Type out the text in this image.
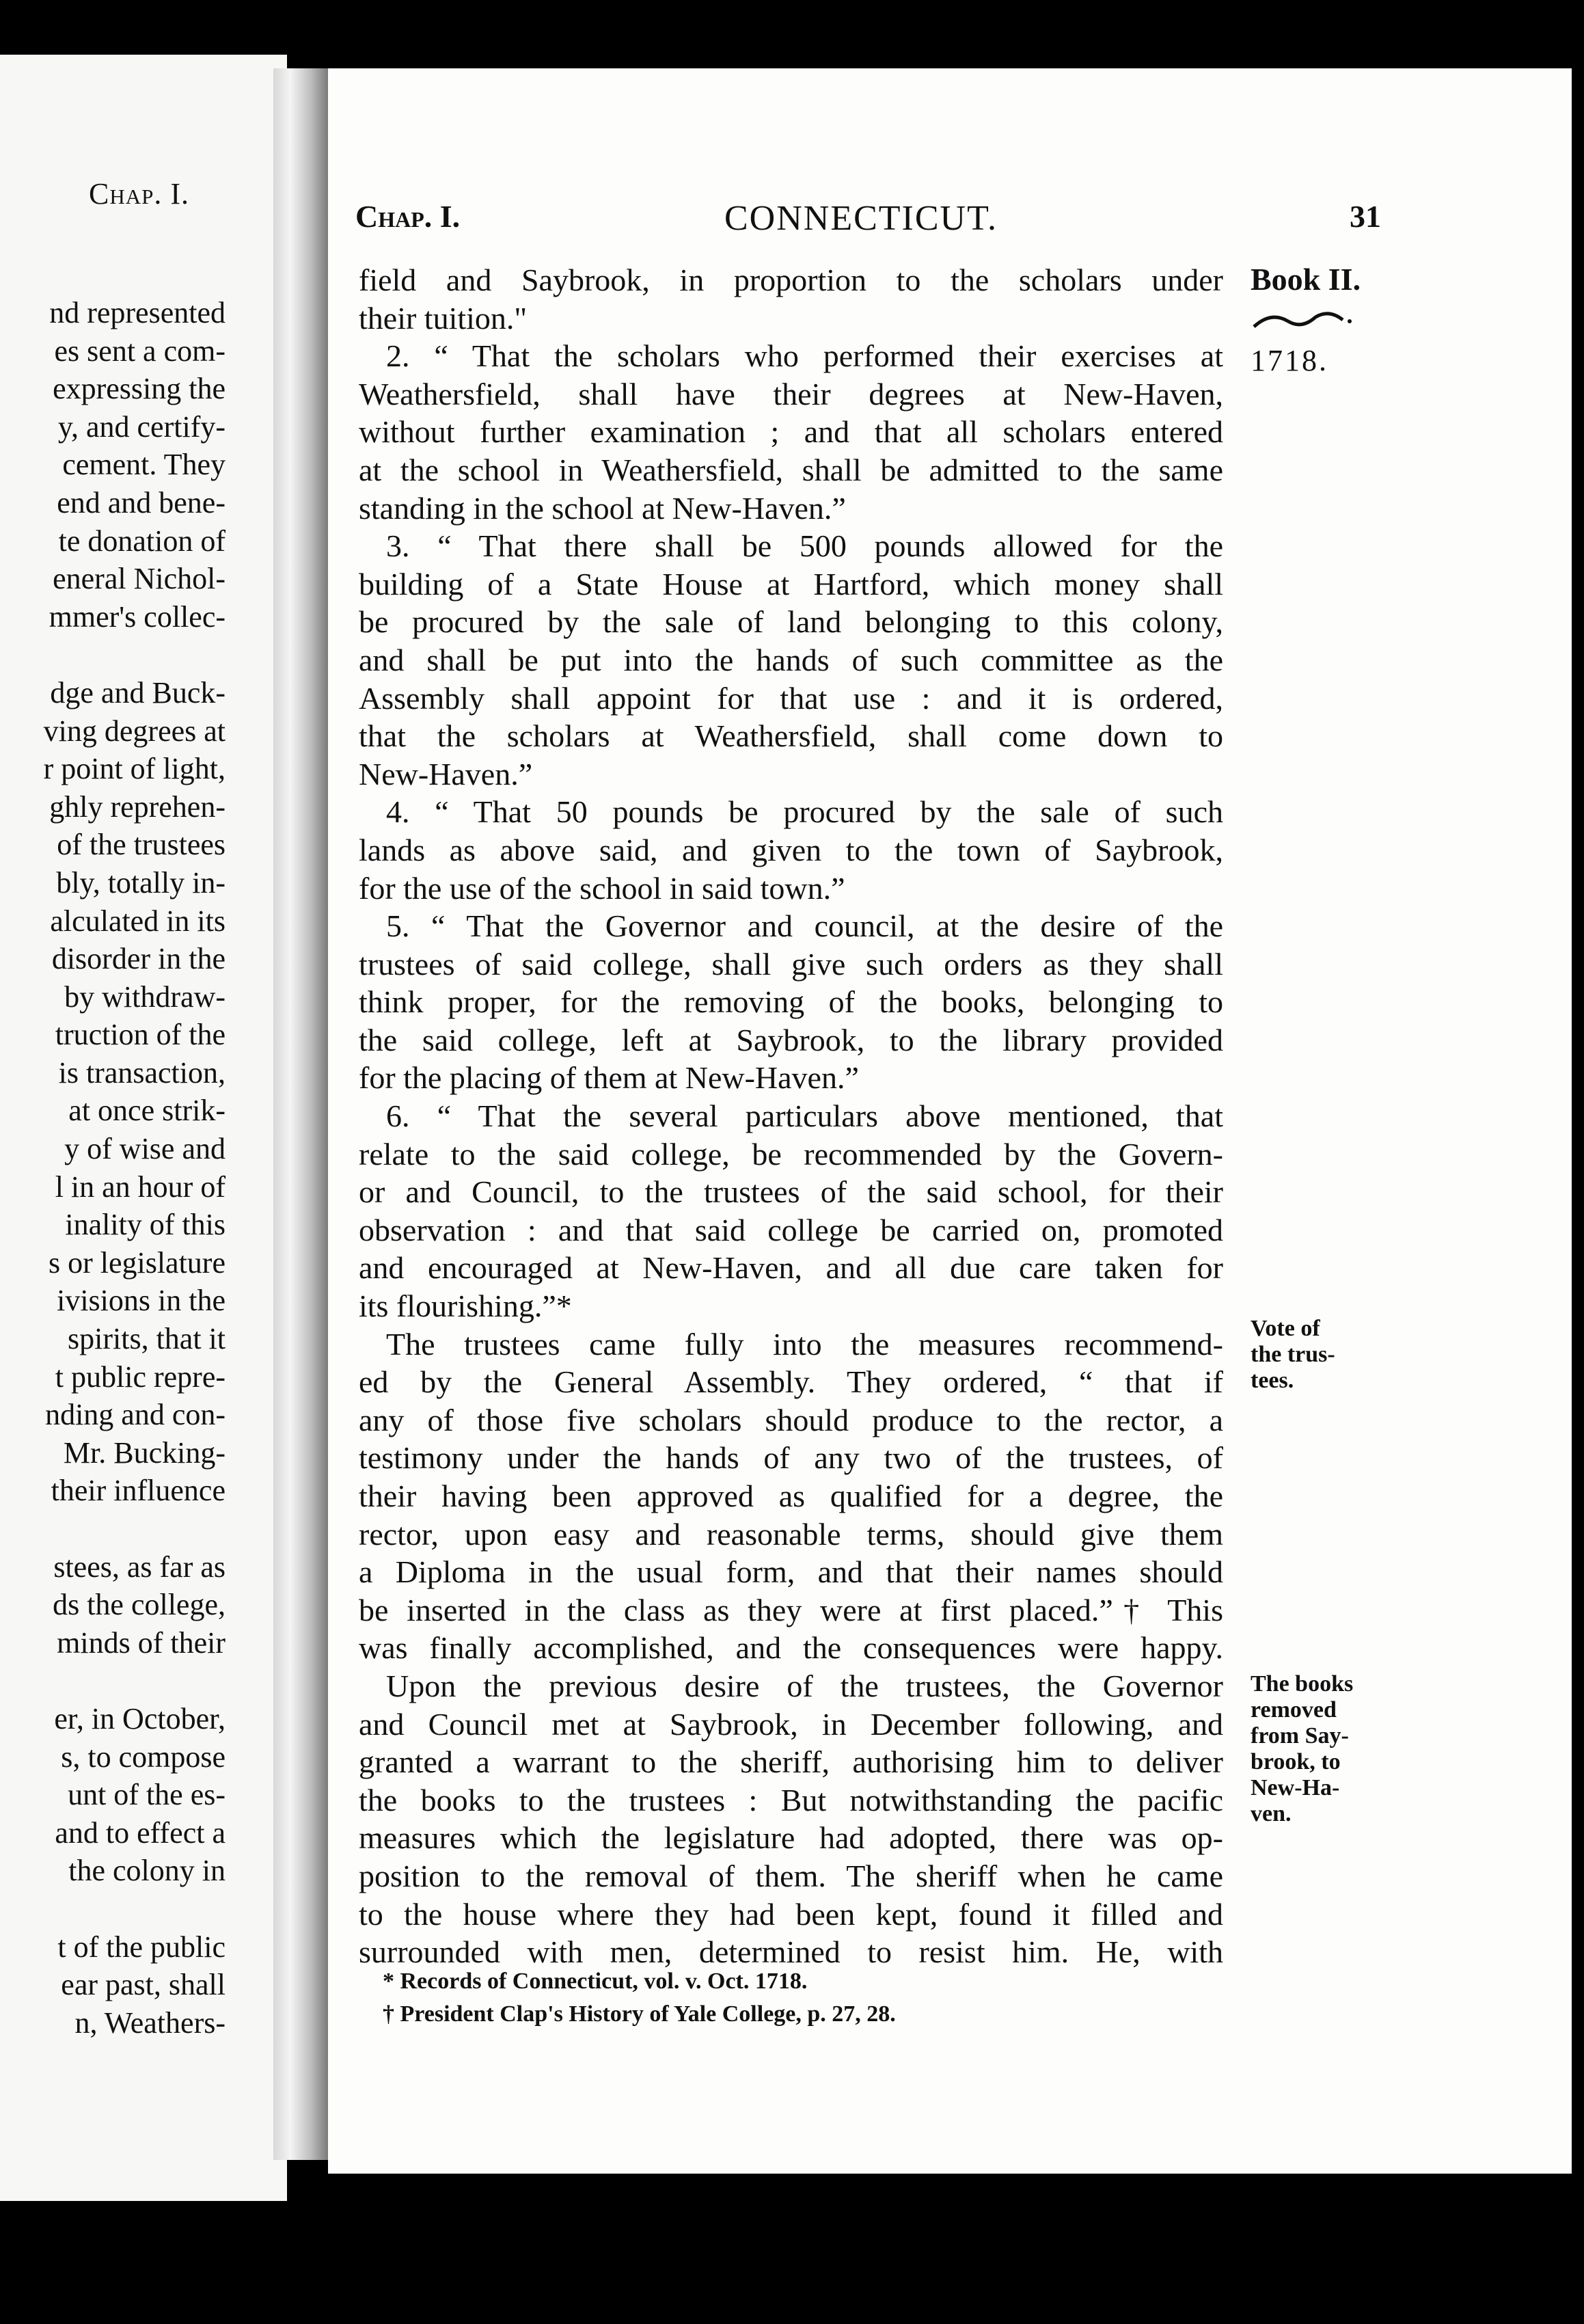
Chap. I.
nd represented
es sent a com-
expressing the
y, and certify-
cement. They
end and bene-
te donation of
eneral Nichol-
mmer's collec-
dge and Buck-
ving degrees at
r point of light,
ghly reprehen-
of the trustees
bly, totally in-
alculated in its
disorder in the
by withdraw-
truction of the
is transaction,
at once strik-
y of wise and
l in an hour of
inality of this
s or legislature
ivisions in the
spirits, that it
t public repre-
nding and con-
Mr. Bucking-
their influence
stees, as far as
ds the college,
minds of their
er, in October,
s, to compose
unt of the es-
and to effect a
the colony in
t of the public
ear past, shall
n, Weathers-
Chap. I.	CONNECTICUT.	31
Book II.
1718.
Vote of
the trus-
tees.
The books
removed
from Say-
brook, to
New-Ha-
ven.
field and Saybrook, in proportion to the scholars under
their tuition."
2. “ That the scholars who performed their exercises at
Weathersfield, shall have their degrees at New-Haven,
without further examination ; and that all scholars entered
at the school in Weathersfield, shall be admitted to the same
standing in the school at New-Haven.”
3. “ That there shall be 500 pounds allowed for the
building of a State House at Hartford, which money shall
be procured by the sale of land belonging to this colony,
and shall be put into the hands of such committee as the
Assembly shall appoint for that use : and it is ordered,
that the scholars at Weathersfield, shall come down to
New-Haven.”
4. “ That 50 pounds be procured by the sale of such
lands as above said, and given to the town of Saybrook,
for the use of the school in said town.”
5. “ That the Governor and council, at the desire of the
trustees of said college, shall give such orders as they shall
think proper, for the removing of the books, belonging to
the said college, left at Saybrook, to the library provided
for the placing of them at New-Haven.”
6. “ That the several particulars above mentioned, that
relate to the said college, be recommended by the Govern-
or and Council, to the trustees of the said school, for their
observation : and that said college be carried on, promoted
and encouraged at New-Haven, and all due care taken for
its flourishing.”*
The trustees came fully into the measures recommend-
ed by the General Assembly. They ordered, “ that if
any of those five scholars should produce to the rector, a
testimony under the hands of any two of the trustees, of
their having been approved as qualified for a degree, the
rector, upon easy and reasonable terms, should give them
a Diploma in the usual form, and that their names should
be inserted in the class as they were at first placed.”† This
was finally accomplished, and the consequences were happy.
Upon the previous desire of the trustees, the Governor
and Council met at Saybrook, in December following, and
granted a warrant to the sheriff, authorising him to deliver
the books to the trustees : But notwithstanding the pacific
measures which the legislature had adopted, there was op-
position to the removal of them. The sheriff when he came
to the house where they had been kept, found it filled and
surrounded with men, determined to resist him. He, with
* Records of Connecticut, vol. v. Oct. 1718.
† President Clap's History of Yale College, p. 27, 28.
